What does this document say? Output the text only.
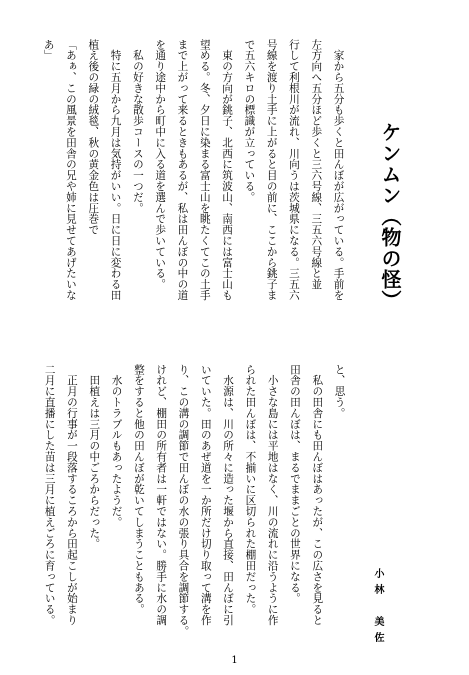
ケンムン（物の怪）
小林　美佐
　家から五分も歩くと田んぼが広がっている。手前を
左方向へ五分ほど歩くと三六号線、三五六号線と並
行して利根川が流れ、川向うは茨城県になる。三五六
号線を渡り土手に上がると目の前に、ここから銚子ま
で五六キロの標識が立っている。
　東の方向が銚子、北西に筑波山、南西には富士山も
望める。冬、夕日に染まる富士山を眺たくてこの土手
まで上がって来るときもあるが、私は田んぼの中の道
を通り途中から町中に入る道を選んで歩いている。
　私の好きな散歩コースの一つだ。
　特に五月から九月は気持がいい。日に日に変わる田
植え後の緑の絨毯、秋の黄金色は圧巻で
「あぁ、この風景を田舎の兄や姉に見せてあげたいな
あ」
と、思う。
　私の田舎にも田んぼはあったが、この広さを見ると
田舎の田んぼは、まるでままごとの世界になる。
　小さな島には平地はなく、川の流れに沿うように作
られた田んぼは、不揃いに区切られた棚田だった。
　水源は、川の所々に造った堰から直接、田んぼに引
いていた。田のあぜ道を一か所だけ切り取って溝を作
り、この溝の調節で田んぼの水の張り具合を調節する。
けれど、棚田の所有者は一軒ではない。勝手に水の調
整をすると他の田んぼが乾いてしまうこともある。
　水のトラブルもあったようだ。
　田植えは三月の中ごろからだった。
　正月の行事が一段落するころから田起こしが始まり
二月に直播にした苗は三月に植えごろに育っている。
1
